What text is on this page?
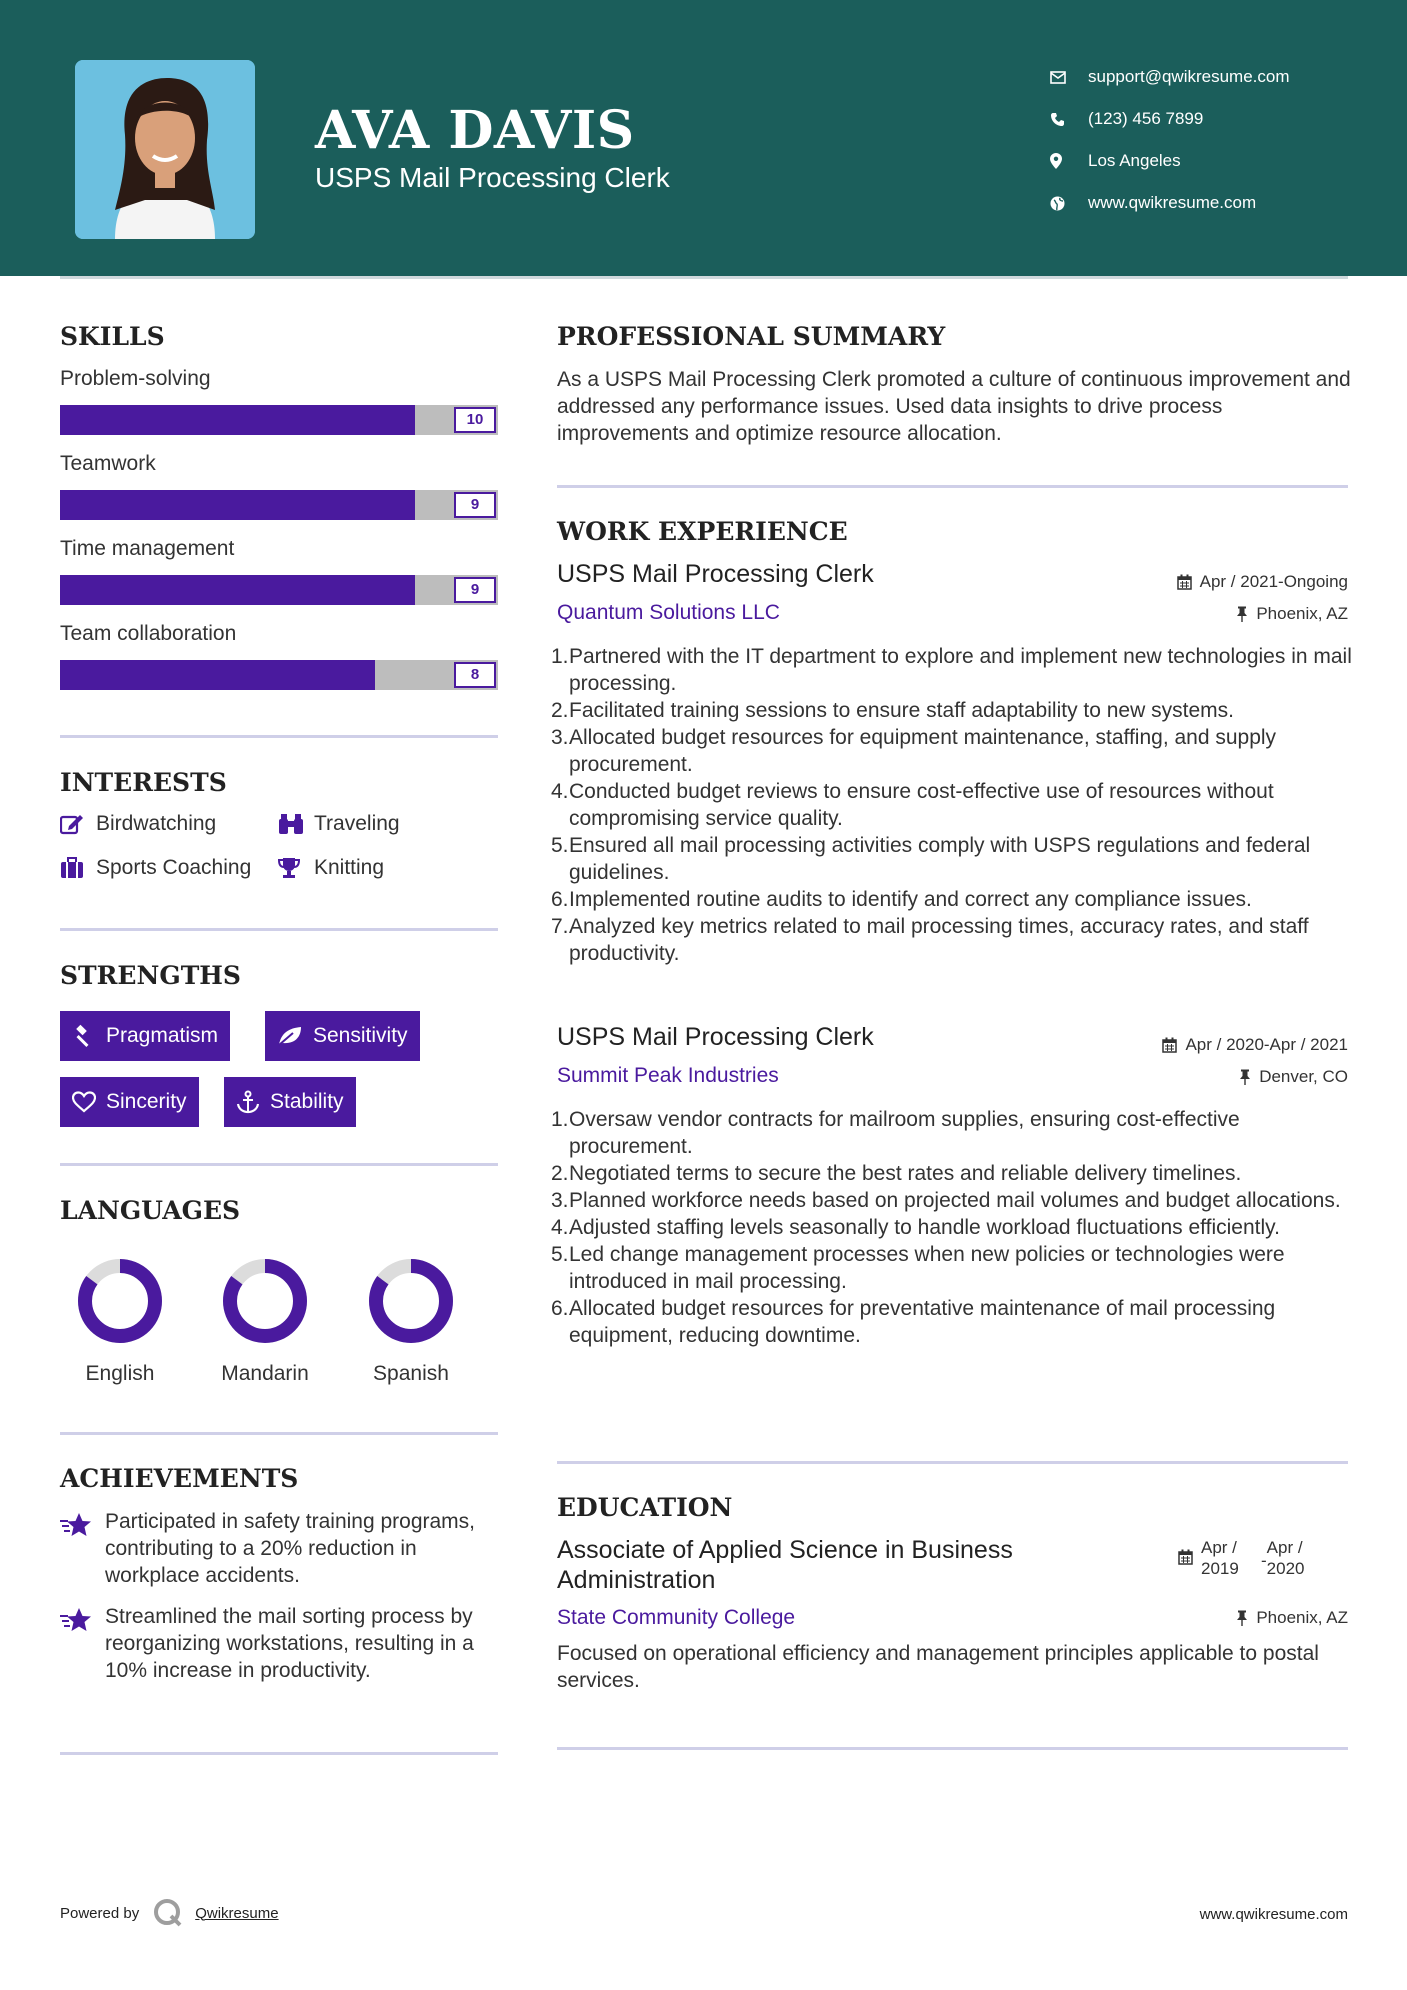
AVA DAVIS
USPS Mail Processing Clerk
support@qwikresume.com
(123) 456 7899
Los Angeles
www.qwikresume.com
SKILLS
Problem-solving
10
Teamwork
9
Time management
9
Team collaboration
8
INTERESTS
Birdwatching	Traveling
Sports Coaching	Knitting
STRENGTHS
Pragmatism	Sensitivity
Sincerity	Stability
LANGUAGES
English	Mandarin	Spanish
ACHIEVEMENTS
Participated in safety training programs, contributing to a 20% reduction in workplace accidents.
Streamlined the mail sorting process by reorganizing workstations, resulting in a 10% increase in productivity.
PROFESSIONAL SUMMARY
As a USPS Mail Processing Clerk promoted a culture of continuous improvement and addressed any performance issues. Used data insights to drive process improvements and optimize resource allocation.
WORK EXPERIENCE
USPS Mail Processing Clerk	Apr / 2021-Ongoing
Quantum Solutions LLC	Phoenix, AZ
1. Partnered with the IT department to explore and implement new technologies in mail processing.
2. Facilitated training sessions to ensure staff adaptability to new systems.
3. Allocated budget resources for equipment maintenance, staffing, and supply procurement.
4. Conducted budget reviews to ensure cost-effective use of resources without compromising service quality.
5. Ensured all mail processing activities comply with USPS regulations and federal guidelines.
6. Implemented routine audits to identify and correct any compliance issues.
7. Analyzed key metrics related to mail processing times, accuracy rates, and staff productivity.
USPS Mail Processing Clerk	Apr / 2020-Apr / 2021
Summit Peak Industries	Denver, CO
1. Oversaw vendor contracts for mailroom supplies, ensuring cost-effective procurement.
2. Negotiated terms to secure the best rates and reliable delivery timelines.
3. Planned workforce needs based on projected mail volumes and budget allocations.
4. Adjusted staffing levels seasonally to handle workload fluctuations efficiently.
5. Led change management processes when new policies or technologies were introduced in mail processing.
6. Allocated budget resources for preventative maintenance of mail processing equipment, reducing downtime.
EDUCATION
Associate of Applied Science in Business Administration
Apr /
2019	-
Apr /
2020
State Community College	Phoenix, AZ
Focused on operational efficiency and management principles applicable to postal services.
Powered by	Qwikresume	www.qwikresume.com
